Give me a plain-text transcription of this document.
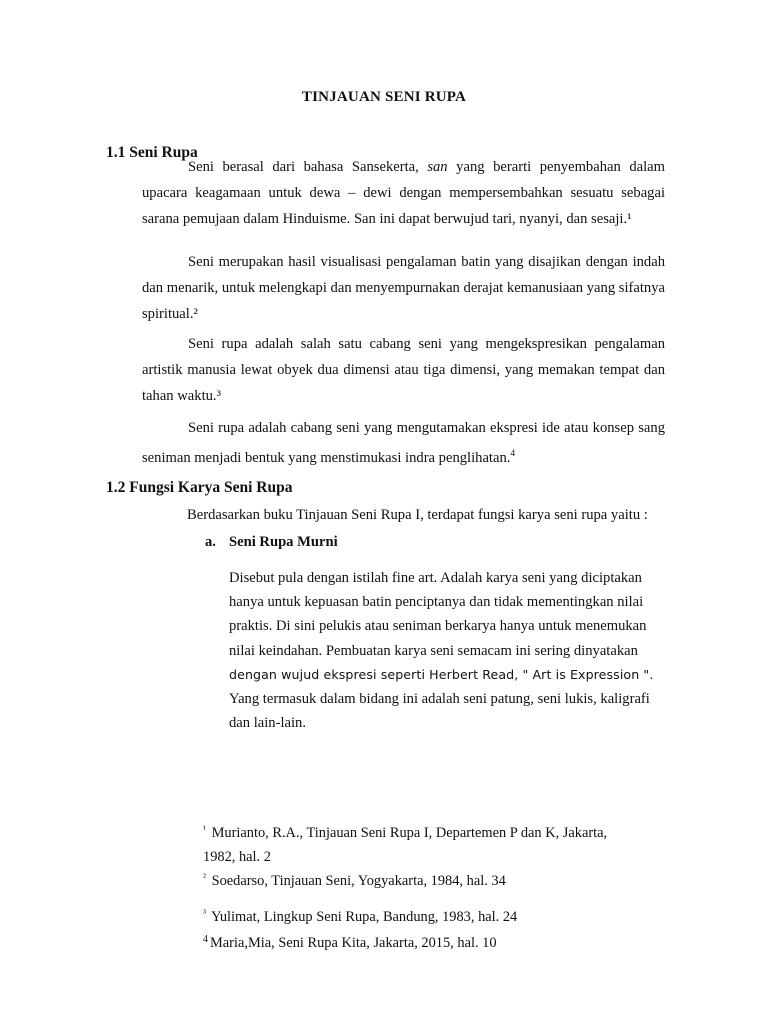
TINJAUAN SENI RUPA
1.1 Seni Rupa

Seni berasal dari bahasa Sansekerta, san yang berarti penyembahan dalam upacara keagamaan untuk dewa – dewi dengan mempersembahkan sesuatu sebagai sarana pemujaan dalam Hinduisme. San ini dapat berwujud tari, nyanyi, dan sesaji.¹

Seni merupakan hasil visualisasi pengalaman batin yang disajikan dengan indah dan menarik, untuk melengkapi dan menyempurnakan derajat kemanusiaan yang sifatnya spiritual.²

Seni rupa adalah salah satu cabang seni yang mengekspresikan pengalaman artistik manusia lewat obyek dua dimensi atau tiga dimensi, yang memakan tempat dan tahan waktu.³

Seni rupa adalah cabang seni yang mengutamakan ekspresi ide atau konsep sang seniman menjadi bentuk yang menstimukasi indra penglihatan.$^4$

1.2 Fungsi Karya Seni Rupa
Berdasarkan buku Tinjauan Seni Rupa I, terdapat fungsi karya seni rupa yaitu :
a. Seni Rupa Murni
Disebut pula dengan istilah fine art. Adalah karya seni yang diciptakan
hanya untuk kepuasan batin penciptanya dan tidak mementingkan nilai
praktis. Di sini pelukis atau seniman berkarya hanya untuk menemukan
nilai keindahan. Pembuatan karya seni semacam ini sering dinyatakan
dengan wujud ekspresi seperti Herbert Read, " Art is Expression ".
Yang termasuk dalam bidang ini adalah seni patung, seni lukis, kaligrafi
dan lain-lain.
$^{^1}$ Murianto, R.A., Tinjauan Seni Rupa I, Departemen P dan K, Jakarta,
1982, hal. 2
$^{^2}$ Soedarso, Tinjauan Seni, Yogyakarta, 1984, hal. 34
$^{^3}$ Yulimat, Lingkup Seni Rupa, Bandung, 1983, hal. 24
$^4$ Maria,Mia, Seni Rupa Kita, Jakarta, 2015, hal. 10
